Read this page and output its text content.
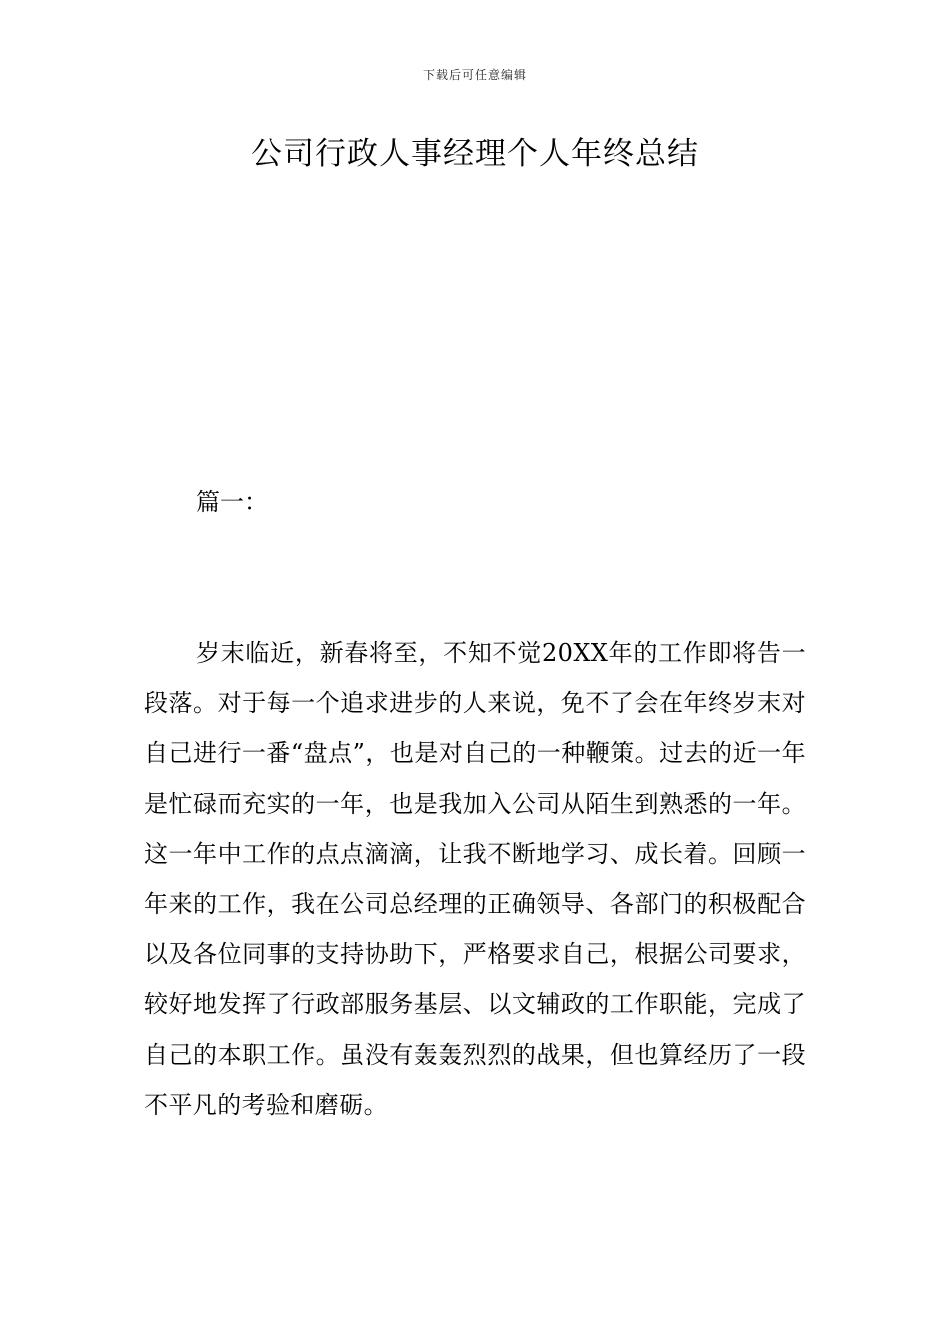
下载后可任意编辑
公司行政人事经理个人年终总结
篇一：

岁末临近，新春将至，不知不觉20XX年的工作即将告一段落。对于每一个追求进步的人来说，免不了会在年终岁末对自己进行一番“盘点”，也是对自己的一种鞭策。过去的近一年是忙碌而充实的一年，也是我加入公司从陌生到熟悉的一年。这一年中工作的点点滴滴，让我不断地学习、成长着。回顾一年来的工作，我在公司总经理的正确领导、各部门的积极配合以及各位同事的支持协助下，严格要求自己，根据公司要求，较好地发挥了行政部服务基层、以文辅政的工作职能，完成了自己的本职工作。虽没有轰轰烈烈的战果，但也算经历了一段不平凡的考验和磨砺。
